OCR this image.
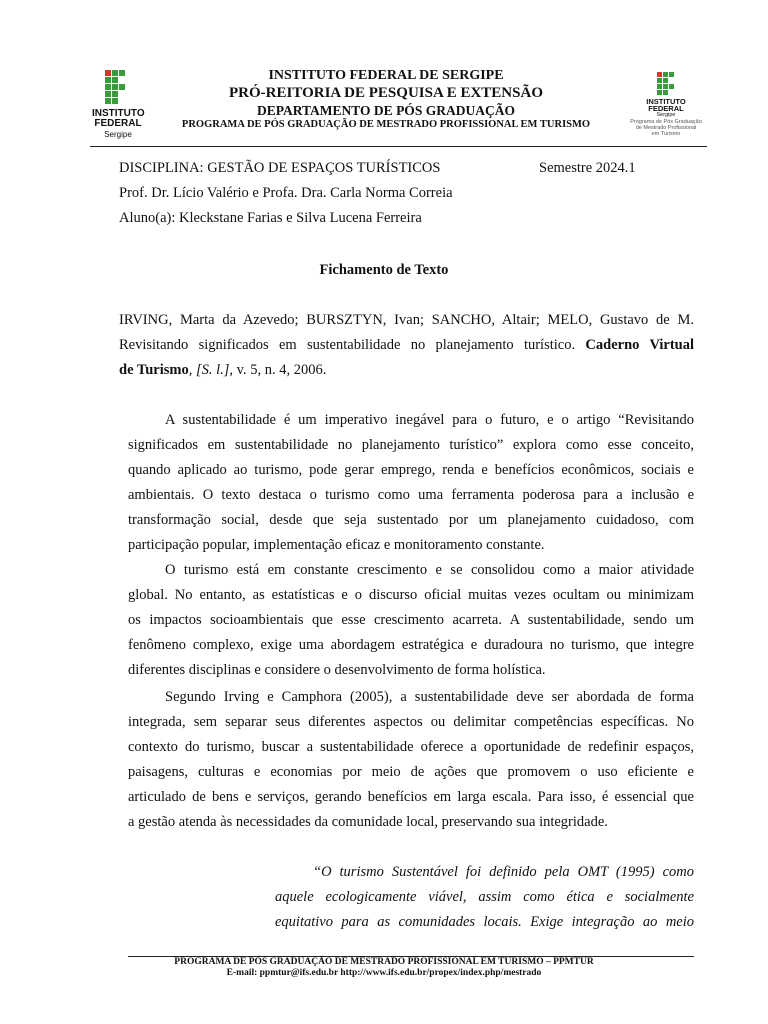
INSTITUTO
FEDERAL
Sergipe
INSTITUTO FEDERAL DE SERGIPE
PRÓ-REITORIA DE PESQUISA E EXTENSÃO
DEPARTAMENTO DE PÓS GRADUAÇÃO
PROGRAMA DE PÓS GRADUAÇÃO DE MESTRADO PROFISSIONAL EM TURISMO
INSTITUTO
FEDERAL
Sergipe
Programa de Pós Graduação
de Mestrado Profissional
em Turismo
DISCIPLINA: GESTÃO DE ESPAÇOS TURÍSTICOS	Semestre 2024.1
Prof. Dr. Lício Valério e Profa. Dra. Carla Norma Correia
Aluno(a): Kleckstane Farias e Silva Lucena Ferreira
Fichamento de Texto
IRVING, Marta da Azevedo; BURSZTYN, Ivan; SANCHO, Altair; MELO, Gustavo de M.
Revisitando significados em sustentabilidade no planejamento turístico. Caderno Virtual
de Turismo, [S. l.], v. 5, n. 4, 2006.
A sustentabilidade é um imperativo inegável para o futuro, e o artigo “Revisitando
significados em sustentabilidade no planejamento turístico” explora como esse conceito,
quando aplicado ao turismo, pode gerar emprego, renda e benefícios econômicos, sociais e
ambientais. O texto destaca o turismo como uma ferramenta poderosa para a inclusão e
transformação social, desde que seja sustentado por um planejamento cuidadoso, com
participação popular, implementação eficaz e monitoramento constante.
O turismo está em constante crescimento e se consolidou como a maior atividade
global. No entanto, as estatísticas e o discurso oficial muitas vezes ocultam ou minimizam
os impactos socioambientais que esse crescimento acarreta. A sustentabilidade, sendo um
fenômeno complexo, exige uma abordagem estratégica e duradoura no turismo, que integre
diferentes disciplinas e considere o desenvolvimento de forma holística.
Segundo Irving e Camphora (2005), a sustentabilidade deve ser abordada de forma
integrada, sem separar seus diferentes aspectos ou delimitar competências específicas. No
contexto do turismo, buscar a sustentabilidade oferece a oportunidade de redefinir espaços,
paisagens, culturas e economias por meio de ações que promovem o uso eficiente e
articulado de bens e serviços, gerando benefícios em larga escala. Para isso, é essencial que
a gestão atenda às necessidades da comunidade local, preservando sua integridade.
“O turismo Sustentável foi definido pela OMT (1995) como
aquele ecologicamente viável, assim como ética e socialmente
equitativo para as comunidades locais. Exige integração ao meio
PROGRAMA DE PÓS GRADUAÇÃO DE MESTRADO PROFISSIONAL EM TURISMO – PPMTUR
E-mail: ppmtur@ifs.edu.br http://www.ifs.edu.br/propex/index.php/mestrado
